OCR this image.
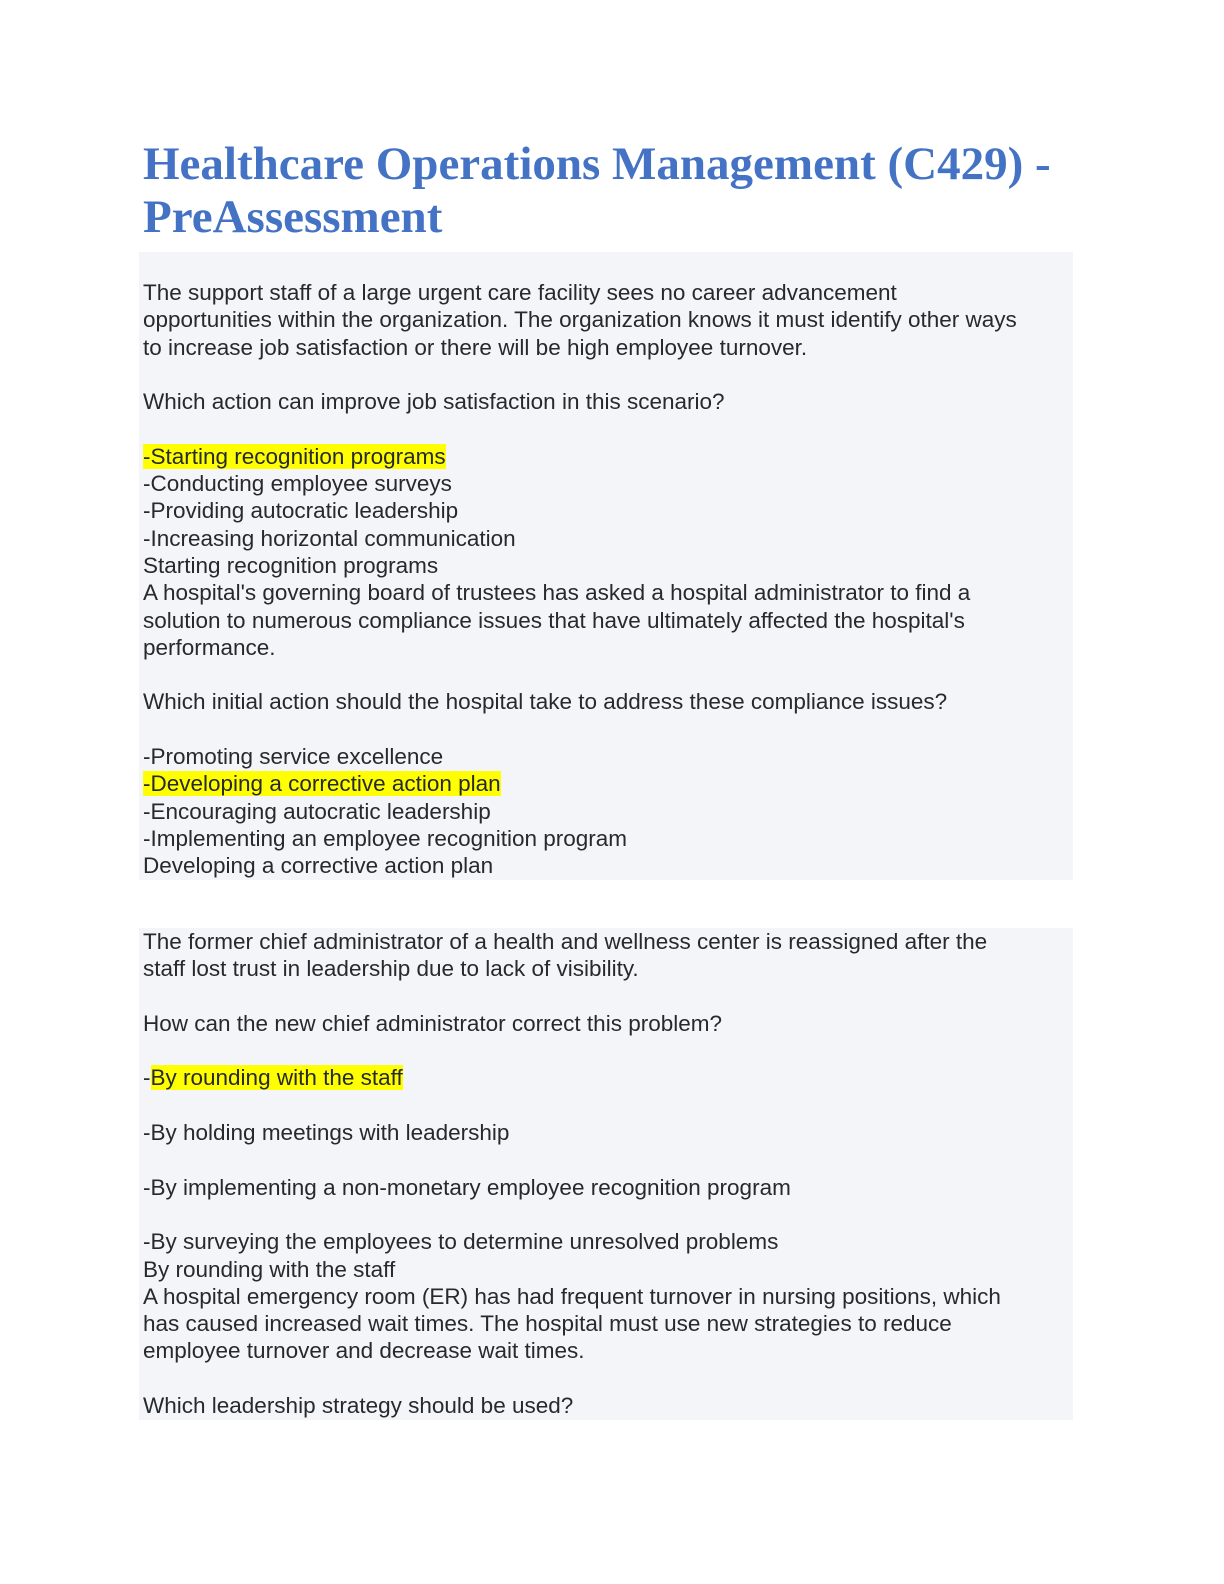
Healthcare Operations Management (C429) - PreAssessment
The support staff of a large urgent care facility sees no career advancement
opportunities within the organization. The organization knows it must identify other ways
to increase job satisfaction or there will be high employee turnover.
Which action can improve job satisfaction in this scenario?
-Starting recognition programs
-Conducting employee surveys
-Providing autocratic leadership
-Increasing horizontal communication
Starting recognition programs
A hospital's governing board of trustees has asked a hospital administrator to find a
solution to numerous compliance issues that have ultimately affected the hospital's
performance.
Which initial action should the hospital take to address these compliance issues?
-Promoting service excellence
-Developing a corrective action plan
-Encouraging autocratic leadership
-Implementing an employee recognition program
Developing a corrective action plan
The former chief administrator of a health and wellness center is reassigned after the
staff lost trust in leadership due to lack of visibility.
How can the new chief administrator correct this problem?
-By rounding with the staff
-By holding meetings with leadership
-By implementing a non-monetary employee recognition program
-By surveying the employees to determine unresolved problems
By rounding with the staff
A hospital emergency room (ER) has had frequent turnover in nursing positions, which
has caused increased wait times. The hospital must use new strategies to reduce
employee turnover and decrease wait times.
Which leadership strategy should be used?
